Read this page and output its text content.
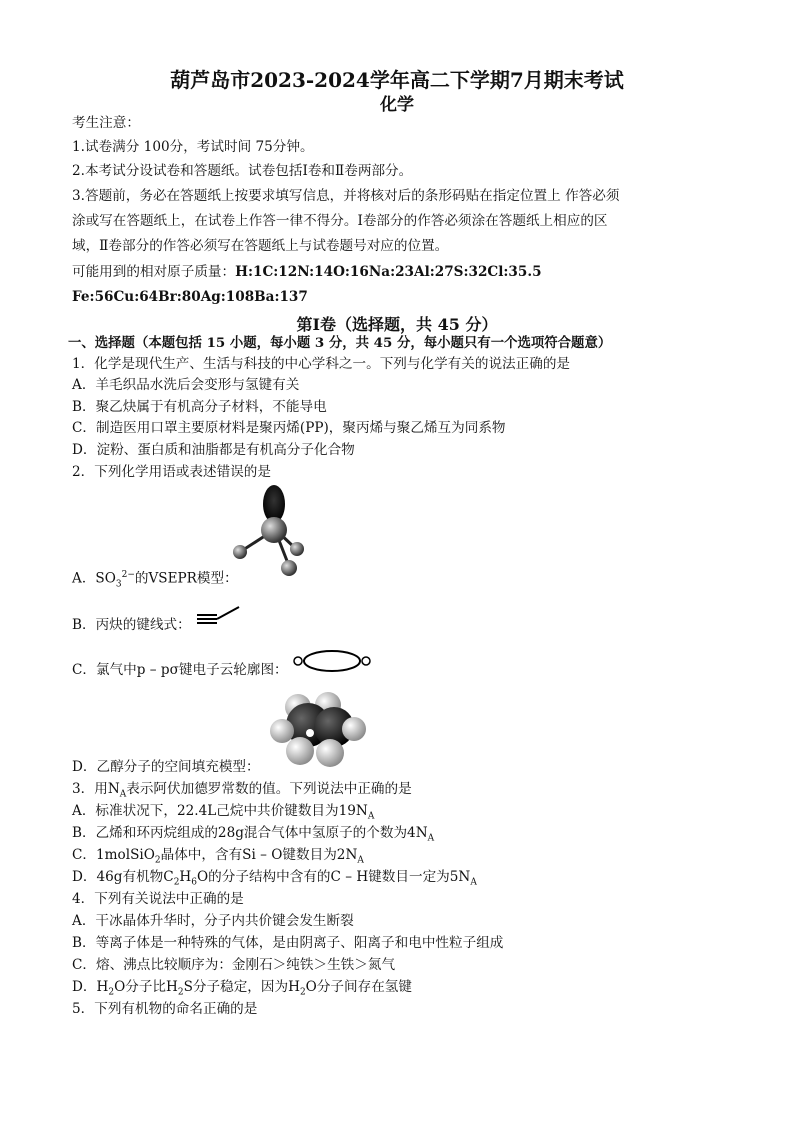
葫芦岛市2023-2024学年高二下学期7月期末考试
化学
考生注意：
1.试卷满分 100分，考试时间 75分钟。
2.本考试分设试卷和答题纸。试卷包括Ⅰ卷和Ⅱ卷两部分。
3.答题前，务必在答题纸上按要求填写信息，并将核对后的条形码贴在指定位置上 作答必须
涂或写在答题纸上，在试卷上作答一律不得分。Ⅰ卷部分的作答必须涂在答题纸上相应的区
域，Ⅱ卷部分的作答必须写在答题纸上与试卷题号对应的位置。
可能用到的相对原子质量：H:1C:12N:14O:16Na:23Al:27S:32Cl:35.5
Fe:56Cu:64Br:80Ag:108Ba:137
第Ⅰ卷（选择题，共 45 分）
一、选择题（本题包括 15 小题，每小题 3 分，共 45 分，每小题只有一个选项符合题意）
1．化学是现代生产、生活与科技的中心学科之一。下列与化学有关的说法正确的是
A．羊毛织品水洗后会变形与氢键有关
B．聚乙炔属于有机高分子材料，不能导电
C．制造医用口罩主要原材料是聚丙烯(PP)，聚丙烯与聚乙烯互为同系物
D．淀粉、蛋白质和油脂都是有机高分子化合物
2．下列化学用语或表述错误的是
A．$SO_3^{2-}$的VSEPR模型：
B．丙炔的键线式：
C．氯气中p – pσ键电子云轮廓图：
D．乙醇分子的空间填充模型：
3．用$N_A$表示阿伏加德罗常数的值。下列说法中正确的是
A．标准状况下，22.4L己烷中共价键数目为$19N_A$
B．乙烯和环丙烷组成的28g混合气体中氢原子的个数为$4N_A$
C．1molSiO$_2$晶体中，含有Si – O键数目为$2N_A$
D．46g有机物$C_2H_6O$的分子结构中含有的C – H键数目一定为$5N_A$
4．下列有关说法中正确的是
A．干冰晶体升华时，分子内共价键会发生断裂
B．等离子体是一种特殊的气体，是由阴离子、阳离子和电中性粒子组成
C．熔、沸点比较顺序为：金刚石＞纯铁＞生铁＞氮气
D．$H_2O$分子比$H_2S$分子稳定，因为$H_2O$分子间存在氢键
5．下列有机物的命名正确的是
